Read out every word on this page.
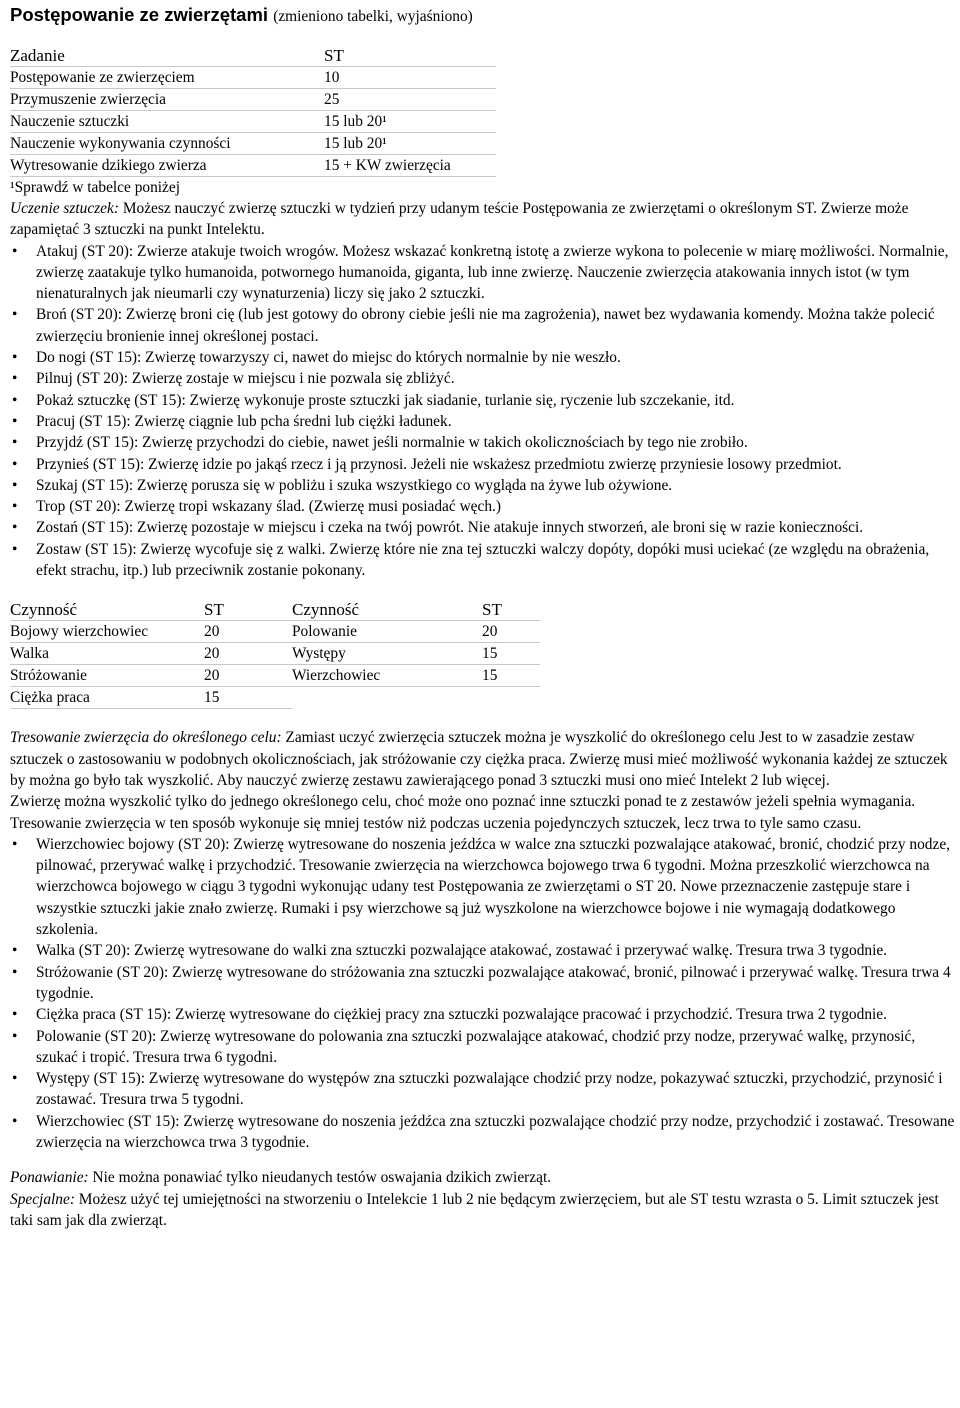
Postępowanie ze zwierzętami (zmieniono tabelki, wyjaśniono)
Zadanie	ST
Postępowanie ze zwierzęciem	10
Przymuszenie zwierzęcia	25
Nauczenie sztuczki	15 lub 20¹
Nauczenie wykonywania czynności	15 lub 20¹
Wytresowanie dzikiego zwierza	15 + KW zwierzęcia
¹Sprawdź w tabelce poniżej	

Uczenie sztuczek: Możesz nauczyć zwierzę sztuczki w tydzień przy udanym teście Postępowania ze zwierzętami o określonym ST. Zwierze może zapamiętać 3 sztuczki na punkt Intelektu.

• Atakuj (ST 20): Zwierze atakuje twoich wrogów. Możesz wskazać konkretną istotę a zwierze wykona to polecenie w miarę możliwości. Normalnie, zwierzę zaatakuje tylko humanoida, potwornego humanoida, giganta, lub inne zwierzę. Nauczenie zwierzęcia atakowania innych istot (w tym nienaturalnych jak nieumarli czy wynaturzenia) liczy się jako 2 sztuczki.
• Broń (ST 20): Zwierzę broni cię (lub jest gotowy do obrony ciebie jeśli nie ma zagrożenia), nawet bez wydawania komendy. Można także polecić zwierzęciu bronienie innej określonej postaci.
• Do nogi (ST 15): Zwierzę towarzyszy ci, nawet do miejsc do których normalnie by nie weszło.
• Pilnuj (ST 20): Zwierzę zostaje w miejscu i nie pozwala się zbliżyć.
• Pokaż sztuczkę (ST 15): Zwierzę wykonuje proste sztuczki jak siadanie, turlanie się, ryczenie lub szczekanie, itd.
• Pracuj (ST 15): Zwierzę ciągnie lub pcha średni lub ciężki ładunek.
• Przyjdź (ST 15): Zwierzę przychodzi do ciebie, nawet jeśli normalnie w takich okolicznościach by tego nie zrobiło.
• Przynieś (ST 15): Zwierzę idzie po jakąś rzecz i ją przynosi. Jeżeli nie wskażesz przedmiotu zwierzę przyniesie losowy przedmiot.
• Szukaj (ST 15): Zwierzę porusza się w pobliżu i szuka wszystkiego co wygląda na żywe lub ożywione.
• Trop (ST 20): Zwierzę tropi wskazany ślad. (Zwierzę musi posiadać węch.)
• Zostań (ST 15): Zwierzę pozostaje w miejscu i czeka na twój powrót. Nie atakuje innych stworzeń, ale broni się w razie konieczności.
• Zostaw (ST 15): Zwierzę wycofuje się z walki. Zwierzę które nie zna tej sztuczki walczy dopóty, dopóki musi uciekać (ze względu na obrażenia, efekt strachu, itp.) lub przeciwnik zostanie pokonany.
Czynność	ST	Czynność	ST
Bojowy wierzchowiec	20	Polowanie	20
Walka	20	Występy	15
Stróżowanie	20	Wierzchowiec	15
Ciężka praca	15		

Tresowanie zwierzęcia do określonego celu: Zamiast uczyć zwierzęcia sztuczek można je wyszkolić do określonego celu Jest to w zasadzie zestaw sztuczek o zastosowaniu w podobnych okolicznościach, jak stróżowanie czy ciężka praca. Zwierzę musi mieć możliwość wykonania każdej ze sztuczek by można go było tak wyszkolić. Aby nauczyć zwierzę zestawu zawierającego ponad 3 sztuczki musi ono mieć Intelekt 2 lub więcej.

Zwierzę można wyszkolić tylko do jednego określonego celu, choć może ono poznać inne sztuczki ponad te z zestawów jeżeli spełnia wymagania. Tresowanie zwierzęcia w ten sposób wykonuje się mniej testów niż podczas uczenia pojedynczych sztuczek, lecz trwa to tyle samo czasu.

• Wierzchowiec bojowy (ST 20): Zwierzę wytresowane do noszenia jeźdźca w walce zna sztuczki pozwalające atakować, bronić, chodzić przy nodze, pilnować, przerywać walkę i przychodzić. Tresowanie zwierzęcia na wierzchowca bojowego trwa 6 tygodni. Można przeszkolić wierzchowca na wierzchowca bojowego w ciągu 3 tygodni wykonując udany test Postępowania ze zwierzętami o ST 20. Nowe przeznaczenie zastępuje stare i wszystkie sztuczki jakie znało zwierzę. Rumaki i psy wierzchowe są już wyszkolone na wierzchowce bojowe i nie wymagają dodatkowego szkolenia.
• Walka (ST 20): Zwierzę wytresowane do walki zna sztuczki pozwalające atakować, zostawać i przerywać walkę. Tresura trwa 3 tygodnie.
• Stróżowanie (ST 20): Zwierzę wytresowane do stróżowania zna sztuczki pozwalające atakować, bronić, pilnować i przerywać walkę. Tresura trwa 4 tygodnie.
• Ciężka praca (ST 15): Zwierzę wytresowane do ciężkiej pracy zna sztuczki pozwalające pracować i przychodzić. Tresura trwa 2 tygodnie.
• Polowanie (ST 20): Zwierzę wytresowane do polowania zna sztuczki pozwalające atakować, chodzić przy nodze, przerywać walkę, przynosić, szukać i tropić. Tresura trwa 6 tygodni.
• Występy (ST 15): Zwierzę wytresowane do występów zna sztuczki pozwalające chodzić przy nodze, pokazywać sztuczki, przychodzić, przynosić i zostawać. Tresura trwa 5 tygodni.
• Wierzchowiec (ST 15): Zwierzę wytresowane do noszenia jeźdźca zna sztuczki pozwalające chodzić przy nodze, przychodzić i zostawać. Tresowane zwierzęcia na wierzchowca trwa 3 tygodnie.

Ponawianie: Nie można ponawiać tylko nieudanych testów oswajania dzikich zwierząt.

Specjalne: Możesz użyć tej umiejętności na stworzeniu o Intelekcie 1 lub 2 nie będącym zwierzęciem, but ale ST testu wzrasta o 5. Limit sztuczek jest taki sam jak dla zwierząt.
